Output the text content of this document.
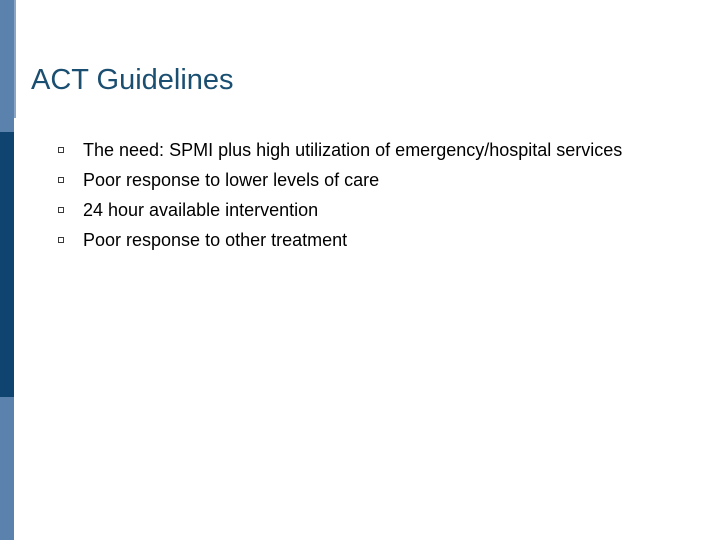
ACT Guidelines
The need: SPMI plus high utilization of emergency/hospital services
Poor response to lower levels of care
24 hour available intervention
Poor response to other treatment
